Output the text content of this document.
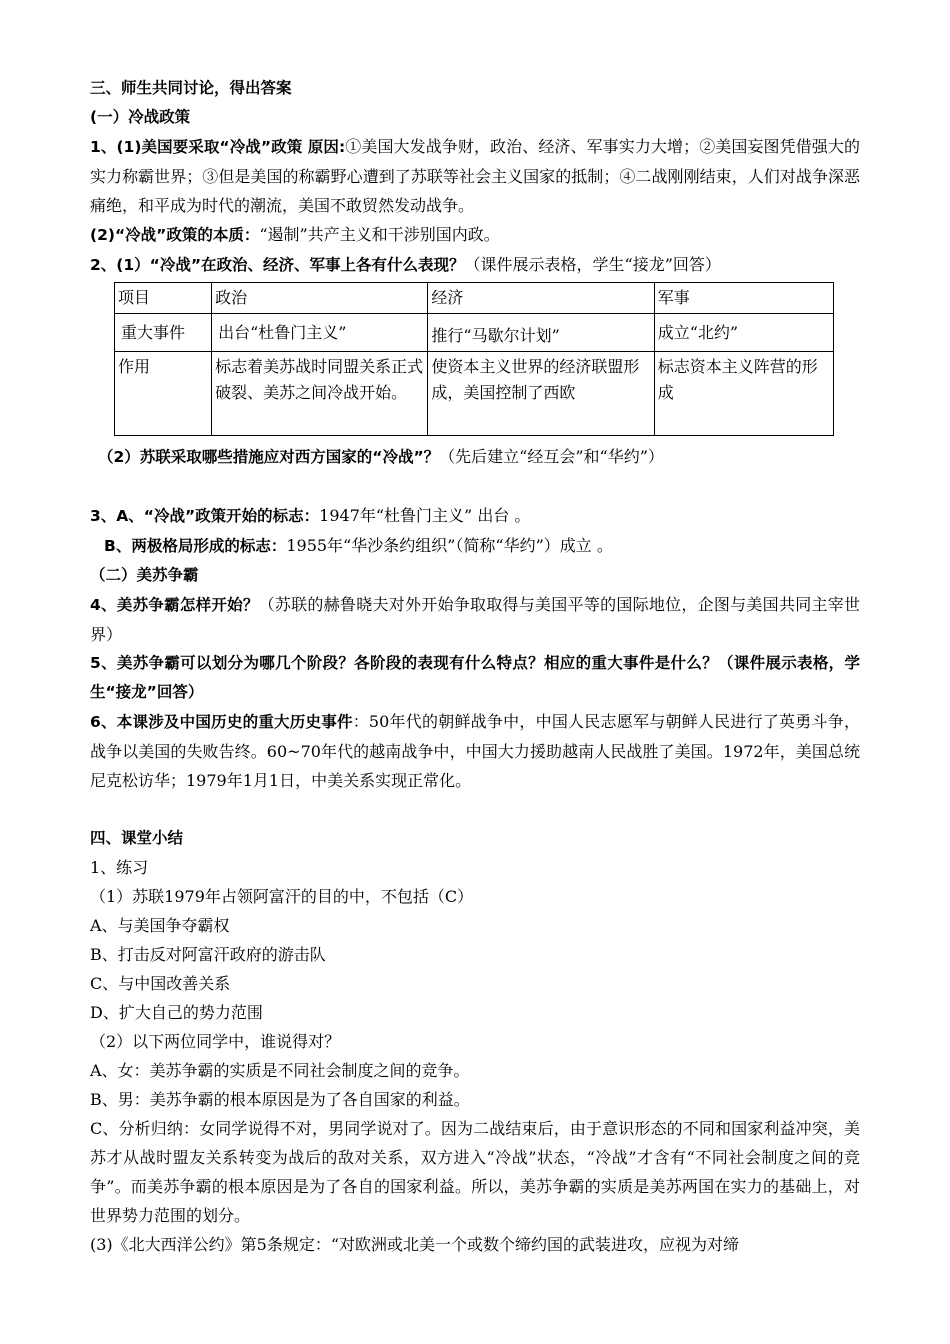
三、师生共同讨论，得出答案
(一）冷战政策
1、(1)美国要采取“冷战”政策 原因:①美国大发战争财，政治、经济、军事实力大增；②美国妄图凭借强大的实力称霸世界；③但是美国的称霸野心遭到了苏联等社会主义国家的抵制；④二战刚刚结束，人们对战争深恶痛绝，和平成为时代的潮流，美国不敢贸然发动战争。
(2)“冷战”政策的本质：“遏制”共产主义和干涉别国内政。
2、(1）“冷战”在政治、经济、军事上各有什么表现？（课件展示表格，学生“接龙”回答）
项目	政治	经济	军事
重大事件	出台“杜鲁门主义”	推行“马歇尔计划”	成立“北约”
作用	标志着美苏战时同盟关系正式破裂、美苏之间冷战开始。	使资本主义世界的经济联盟形成，美国控制了西欧	标志资本主义阵营的形成
（2）苏联采取哪些措施应对西方国家的“冷战”？（先后建立“经互会”和“华约”）
3、A、“冷战”政策开始的标志：1947年“杜鲁门主义” 出台 。
B、两极格局形成的标志：1955年“华沙条约组织”（简称“华约”）成立 。
（二）美苏争霸
4、美苏争霸怎样开始？（苏联的赫鲁晓夫对外开始争取取得与美国平等的国际地位，企图与美国共同主宰世界）
5、美苏争霸可以划分为哪几个阶段？各阶段的表现有什么特点？相应的重大事件是什么？（课件展示表格，学生“接龙”回答）
6、本课涉及中国历史的重大历史事件：50年代的朝鲜战争中，中国人民志愿军与朝鲜人民进行了英勇斗争，战争以美国的失败告终。60~70年代的越南战争中，中国大力援助越南人民战胜了美国。1972年，美国总统尼克松访华；1979年1月1日，中美关系实现正常化。
四、课堂小结
1、练习
（1）苏联1979年占领阿富汗的目的中，不包括（C）
A、与美国争夺霸权
B、打击反对阿富汗政府的游击队
C、与中国改善关系
D、扩大自己的势力范围
（2）以下两位同学中，谁说得对？
A、女：美苏争霸的实质是不同社会制度之间的竞争。
B、男：美苏争霸的根本原因是为了各自国家的利益。
C、分析归纳：女同学说得不对，男同学说对了。因为二战结束后，由于意识形态的不同和国家利益冲突，美苏才从战时盟友关系转变为战后的敌对关系，双方进入“冷战”状态，“冷战”才含有“不同社会制度之间的竞争”。而美苏争霸的根本原因是为了各自的国家利益。所以，美苏争霸的实质是美苏两国在实力的基础上，对世界势力范围的划分。
(3)《北大西洋公约》第5条规定：“对欧洲或北美一个或数个缔约国的武装进攻，应视为对缔
